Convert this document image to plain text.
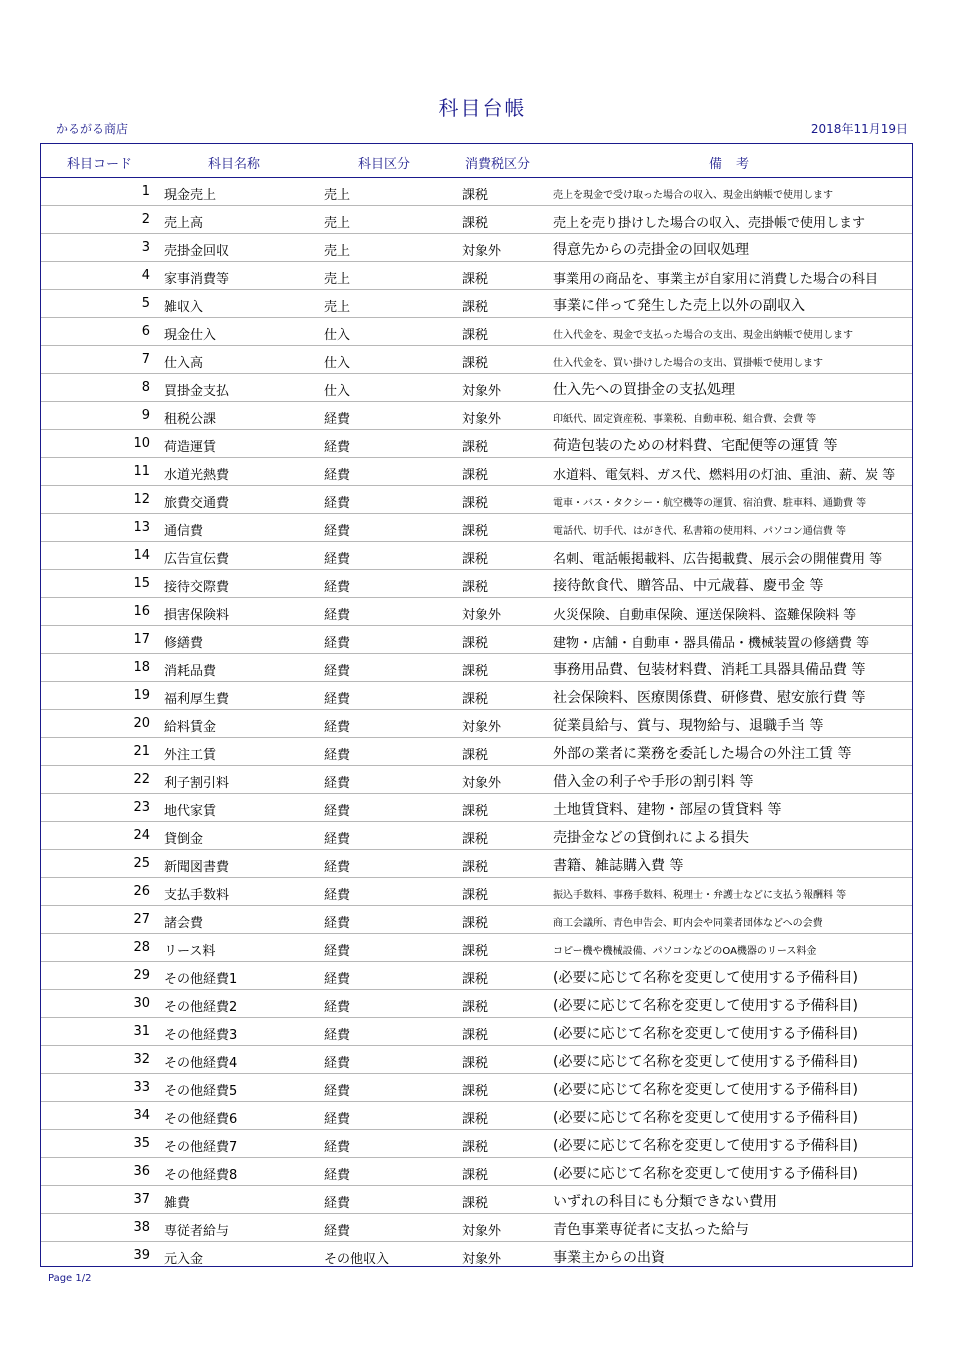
科目台帳
かるがる商店	2018年11月19日
科目コード	科目名称	科目区分	消費税区分	備考
1 現金売上	売上	課税	売上を現金で受け取った場合の収入、現金出納帳で使用します
2 売上高	売上	課税	売上を売り掛けした場合の収入、売掛帳で使用します
3 売掛金回収	売上	対象外	得意先からの売掛金の回収処理
4 家事消費等	売上	課税	事業用の商品を、事業主が自家用に消費した場合の科目
5 雑収入	売上	課税	事業に伴って発生した売上以外の副収入
6 現金仕入	仕入	課税	仕入代金を、現金で支払った場合の支出、現金出納帳で使用します
7 仕入高	仕入	課税	仕入代金を、買い掛けした場合の支出、買掛帳で使用します
8 買掛金支払	仕入	対象外	仕入先への買掛金の支払処理
9 租税公課	経費	対象外	印紙代、固定資産税、事業税、自動車税、組合費、会費 等
10 荷造運賃	経費	課税	荷造包装のための材料費、宅配便等の運賃 等
11 水道光熱費	経費	課税	水道料、電気料、ガス代、燃料用の灯油、重油、薪、炭 等
12 旅費交通費	経費	課税	電車・バス・タクシー・航空機等の運賃、宿泊費、駐車料、通勤費 等
13 通信費	経費	課税	電話代、切手代、はがき代、私書箱の使用料、パソコン通信費 等
14 広告宣伝費	経費	課税	名刺、電話帳掲載料、広告掲載費、展示会の開催費用 等
15 接待交際費	経費	課税	接待飲食代、贈答品、中元歳暮、慶弔金 等
16 損害保険料	経費	対象外	火災保険、自動車保険、運送保険料、盗難保険料 等
17 修繕費	経費	課税	建物・店舗・自動車・器具備品・機械装置の修繕費 等
18 消耗品費	経費	課税	事務用品費、包装材料費、消耗工具器具備品費 等
19 福利厚生費	経費	課税	社会保険料、医療関係費、研修費、慰安旅行費 等
20 給料賃金	経費	対象外	従業員給与、賞与、現物給与、退職手当 等
21 外注工賃	経費	課税	外部の業者に業務を委託した場合の外注工賃 等
22 利子割引料	経費	対象外	借入金の利子や手形の割引料 等
23 地代家賃	経費	課税	土地賃貸料、建物・部屋の賃貸料 等
24 貸倒金	経費	課税	売掛金などの貸倒れによる損失
25 新聞図書費	経費	課税	書籍、雑誌購入費 等
26 支払手数料	経費	課税	振込手数料、事務手数料、税理士・弁護士などに支払う報酬料 等
27 諸会費	経費	課税	商工会議所、青色申告会、町内会や同業者団体などへの会費
28 リース料	経費	課税	コピー機や機械設備、パソコンなどのOA機器のリース料金
29 その他経費1	経費	課税	(必要に応じて名称を変更して使用する予備科目)
30 その他経費2	経費	課税	(必要に応じて名称を変更して使用する予備科目)
31 その他経費3	経費	課税	(必要に応じて名称を変更して使用する予備科目)
32 その他経費4	経費	課税	(必要に応じて名称を変更して使用する予備科目)
33 その他経費5	経費	課税	(必要に応じて名称を変更して使用する予備科目)
34 その他経費6	経費	課税	(必要に応じて名称を変更して使用する予備科目)
35 その他経費7	経費	課税	(必要に応じて名称を変更して使用する予備科目)
36 その他経費8	経費	課税	(必要に応じて名称を変更して使用する予備科目)
37 雑費	経費	課税	いずれの科目にも分類できない費用
38 専従者給与	経費	対象外	青色事業専従者に支払った給与
39 元入金	その他収入	対象外	事業主からの出資
Page 1/2
